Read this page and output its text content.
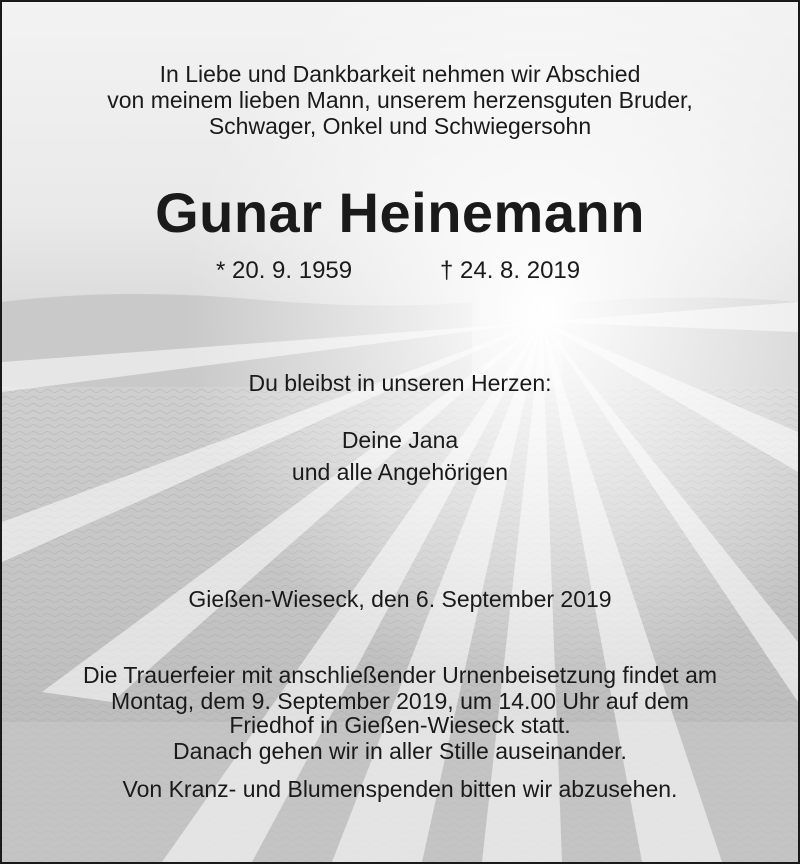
In Liebe und Dankbarkeit nehmen wir Abschied
von meinem lieben Mann, unserem herzensguten Bruder,
Schwager, Onkel und Schwiegersohn
Gunar Heinemann
* 20. 9. 1959	† 24. 8. 2019
Du bleibst in unseren Herzen:
Deine Jana
und alle Angehörigen
Gießen-Wieseck, den 6. September 2019
Die Trauerfeier mit anschließender Urnenbeisetzung findet am
Montag, dem 9. September 2019, um 14.00 Uhr auf dem
Friedhof in Gießen-Wieseck statt.
Danach gehen wir in aller Stille auseinander.
Von Kranz- und Blumenspenden bitten wir abzusehen.
